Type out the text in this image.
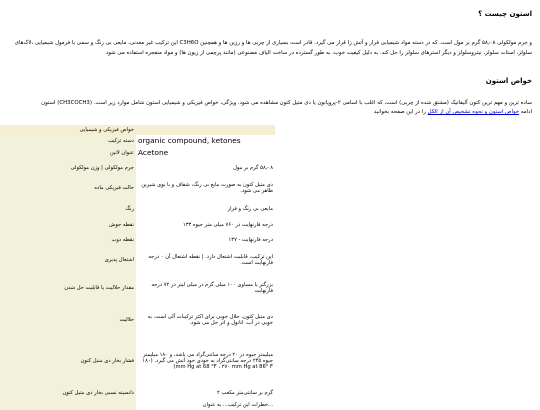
استون چیست ؟
و جرم مولکولی ۵۸٫۰۸ گرم بر مول است. که در دسته مواد شیمیایی فرار و آتش زا قرار می گیرد. قادر است بسیاری از چربی ها و رزین ها و همچنین C3H6O این ترکیب غیر معدنی، مایعی بی رنگ و سمی با فرمول شیمیایی ،لاک‌های سلولز، استات سلولز، نیتروسلولز و دیگر استرهای سلولز را حل کند. به دلیل کیفیت خوب، به طور گسترده در ساخت الیاف مصنوعی (مانند پرچمی از زیون ها) و مواد منفجره استفاده می شود
خواص استون
ساده ترین و مهم ترین کتون آلیفاتیک (مشتق شده از چربی) است، که اغلب با اسامی ۲-پروپانون یا دی متیل کتون مشاهده می شود. ویژگی، خواص فیزیکی و شیمیایی استون شامل موارد زیر است. (CH3COCH3) استون
ادامه خواص استون و نحوه تشخیص آن از الکل را در این صفحه بخوانید
خواص فیزیکی و شیمیایی	
دسته ترکیب	organic compound, ketones
عنوان لاتین	Acetone
جرم مولکولی | وزن مولکولی	۵۸٫۰۸ گرم بر مول
حالت فیزیکی ماده	دی متیل کتون به صورت مایع بی رنگ، شفاف و با بوی شیرین ظاهر می شود.
رنگ	مایعی بی رنگ و فرار
نقطه جوش	درجه فارنهایت در ۷۶۰ میلی متر جیوه ۱۳۳
نقطه ذوب	درجه فارنهایت - ۱۳۷
اشتعال پذیری	این ترکیب، قابلیت اشتعال دارد. | نقطه اشتعال آن ۰ درجه فارنهایت است.
مقدار حلالیت یا قابلیت حل شدن	بزرگتر یا مساوی ۱۰۰ میلی گرم در میلی لیتر در ۷۲ درجه فارنهایت
حلالیت	دی متیل کتون، حلال خوبی برای اکثر ترکیبات آلی است. به خوبی در آب، اتانول و اتر حل می شود.
فشار بخار دی متیل کتون	میلیمتر جیوه در ۲۰ درجه سانتی‌گراد می باشد، و ۱۸۰ میلیمتر جیوه ۲۴۵ درجه سانتی‌گراد به خودی خود آتش می گیرد. (۱۸۰ mm Hg at 68 °F ، ۲۷۰ mm Hg at 86° F)
دانسیته نسبی بخار دی متیل کتون	گرم بر سانتی‌متر مکعب ۲
	...خطرات این ترکیب... به عنوان
